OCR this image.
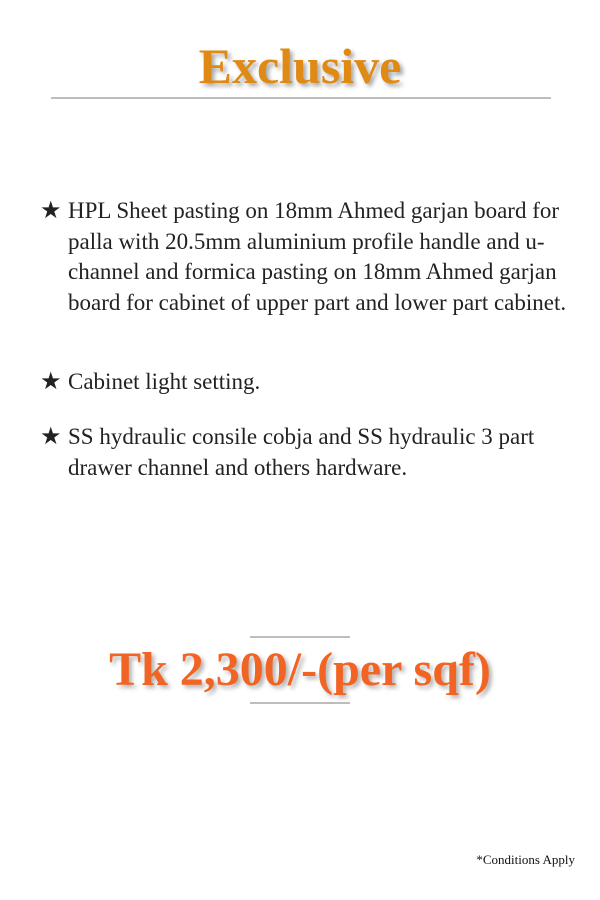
Exclusive
★ HPL Sheet pasting on 18mm Ahmed garjan board for palla with 20.5mm aluminium profile handle and u-channel and formica pasting on 18mm Ahmed garjan board for cabinet of upper part and lower part cabinet.
★ Cabinet light setting.
★ SS hydraulic consile cobja and SS hydraulic 3 part drawer channel and others hardware.
Tk 2,300/-(per sqf)
*Conditions Apply
